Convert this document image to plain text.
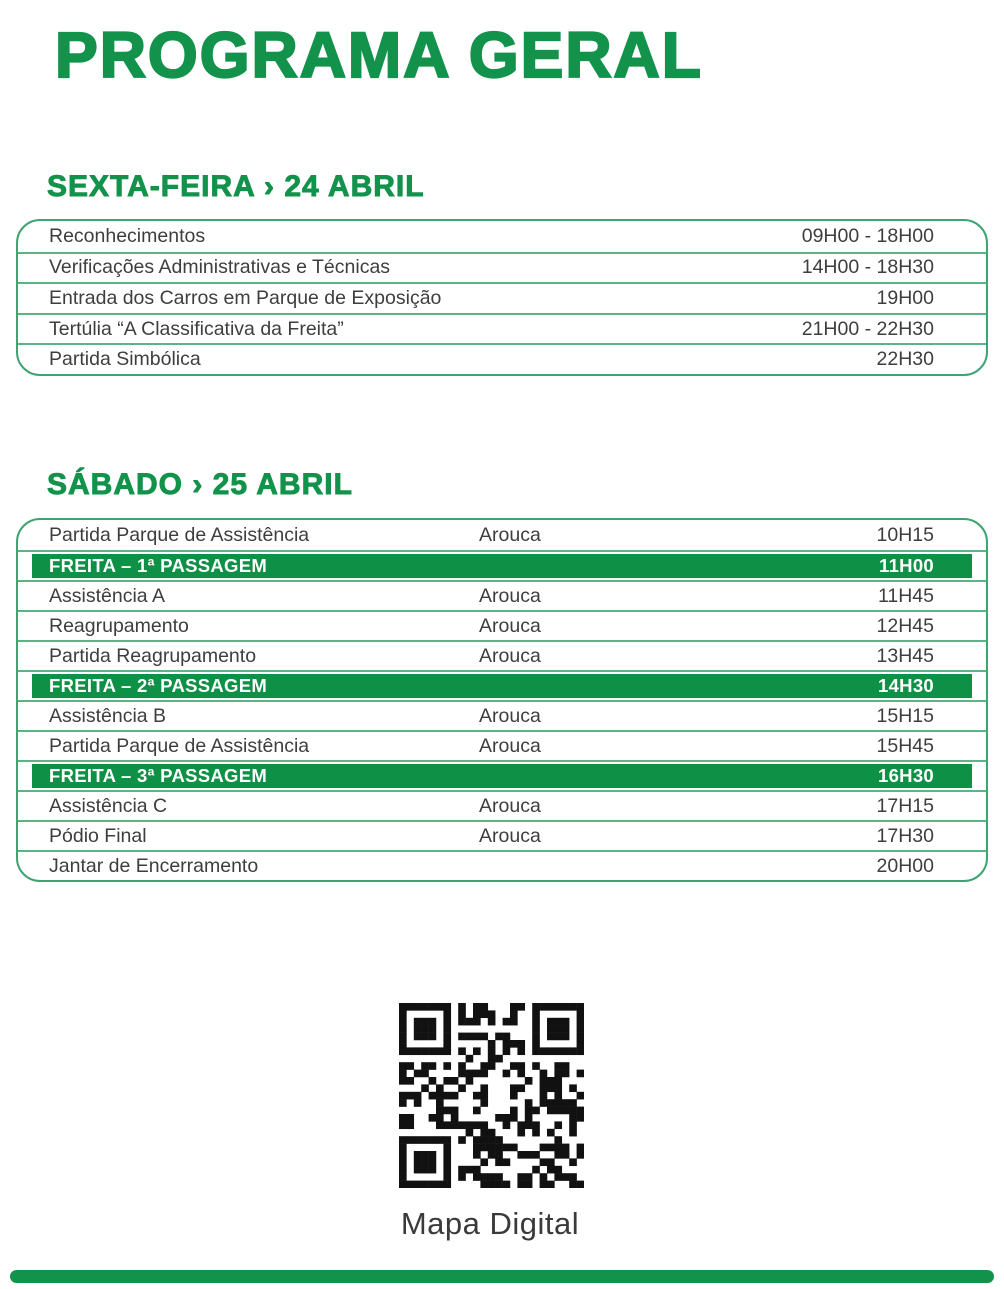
PROGRAMA GERAL
SEXTA-FEIRA › 24 ABRIL
Reconhecimentos	09H00 - 18H00
Verificações Administrativas e Técnicas	14H00 - 18H30
Entrada dos Carros em Parque de Exposição	19H00
Tertúlia “A Classificativa da Freita”	21H00 - 22H30
Partida Simbólica	22H30
SÁBADO › 25 ABRIL
Partida Parque de Assistência	Arouca	10H15
FREITA – 1ª PASSAGEM	11H00
Assistência A	Arouca	11H45
Reagrupamento	Arouca	12H45
Partida Reagrupamento	Arouca	13H45
FREITA – 2ª PASSAGEM	14H30
Assistência B	Arouca	15H15
Partida Parque de Assistência	Arouca	15H45
FREITA – 3ª PASSAGEM	16H30
Assistência C	Arouca	17H15
Pódio Final	Arouca	17H30
Jantar de Encerramento	20H00
Mapa Digital
